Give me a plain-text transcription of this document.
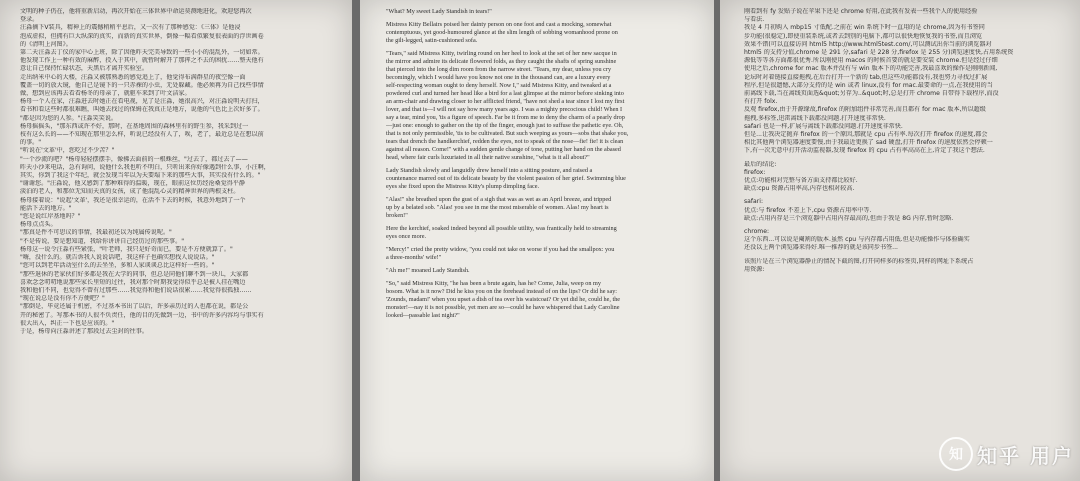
文明的种子仍在，他将重新启动，再次开始在三体世界中命运莫测地进化，欢迎您再次
登录。
汪淼摘下V装具，精神上的震撼稍稍平息后，又一次有了那种感觉：《三体》是他浸
泡成虚拟，但拥有巨大纵深的真实，而新的真实世界，倒像一幅看似繁复很表面的浮世画卷
的《清明上河图》。
第二天汪淼去丁仪的家中心上班，除了因他昨天完美导致的一些小小的混乱外，一切如常。
他发现工作上一种有效的麻醉，投入于其中，就暂时解开了那挥之不去的困扰……整天他有
意让自己保持忙碌状态，天黑后才离开实验室。
走出纳米中心的大楼，汪淼又被那熟悉的感觉追上了，他觉得布满群星的夜空像一面
覆盖一切的放大镜，他自己是镜下的一只赤裸的小虫，无处躲藏。他必须再为自己找些事情
做，想到应该再去看看杨冬的母亲了，就驱车来到了叶文洁家。
杨母一个人在家，汪淼进去时她正在看电视，见了是汪淼，她很高兴，对汪淼说明天打扫，
看书和看这些时都很难瞧，叫她去找过的保姆在我真正是地方，说他的气色比上次好多了。
"都是因为您的人参。"汪淼笑笑说。
杨母摇摇头，"那东西或许不好，那时，在基地周围的森林里有的野生参，我采到过一
枝有这么长的——不知现在那里怎么样，听说已经没有人了，唉，老了，最近总是在想以前
的事。"
"听说在'文革'中，您吃过不少苦？"
"一个沙流的吧？"杨母轻轻摆摆手，像拂去面前的一根蛛丝，"过去了，都过去了——
昨天小沙来电话，急有询问，说他什么我也听不明白，只听出来你好像遇到什么事，小汪啊，
其实，你到了我这个年纪，就会发现当年以为天要塌下来的那些大事，其实没有什么的。"
"谢谢您。"汪淼说，他又感到了那种难得的温暖，现在，眼前这位历经沧桑觉得平静
淡泊的老人，和那位无知而天真的女孩，成了他混乱心灵的精神世界的两根支柱。
杨母接着说："说起'文革'，我还是很幸运的，在活不下去的时候，我意外地到了一个
能活下去的地方。"
"您是说红岸基地吗？"
杨母点点头。
"那真是件不可思议的事情，我最初还以为纯属传说呢。"
"不是传说，要是想知道，我给你讲讲自己经历过的那些事。"
杨母这一说令汪淼有些紧张，"叶老师，我只是好奇而已，要是不方便就算了。"
"嗨，没什么的。就告诉我人说说话吧，我这样子也确实想找人说说话。"
"您可以到老年活动室什么的去坐坐，多和人家谈谈总比这样好一些的。"
"那些退休的老家伙们好多都是我在大学的同事，但总是同他们聊不到一块儿，大家都
喜欢念念叨叨地说那些家长里短的过往，我对那个时期我觉得似乎总是被人挂在嘴边
我和他们不同，也觉得不曾有过那些……我觉得和他们说话很累……我觉得很孤独……
"现在说总是没有你不方便吧？"
"那倒是，毕竟还属于机密，不过基本书出了以后，许多亲历过的人也都在说，都是公
开的秘密了。写那本书的人很不负责任，他的目的先做到一边，书中的许多内容均与事实有
很大出入，纠正一下也是应该的。"
于是，杨母向汪淼讲述了那段过去尘封的往事。
"What? My sweet Lady Standish in tears!"
Mistress Kitty Bellairs poised her dainty person on one foot and cast a mocking, somewhat
contemptuous, yet good-humoured glance at the slim length of sobbing womanhood prone on
the gilt-legged, satin-cushioned sofa.
"Tears," said Mistress Kitty, twirling round on her heel to look at the set of her new sacque in
the mirror and admire its delicate flowered folds, as they caught the shafts of spring sunshine
that pierced into the long dim room from the narrow street. "Tears, my dear, unless you cry
becomingly, which I would have you know not one in the thousand can, are a luxury every
self-respecting woman ought to deny herself. Now I," said Mistress Kitty, and tweaked at a
powdered curl and turned her head like a bird for a last glimpse at the mirror before sinking into
an arm-chair and drawing closer to her afflicted friend, "have not shed a tear since I lost my first
lover, and that is—I will not say how many years ago. I was a mighty precocious child! When I
say a tear, mind you, 'tis a figure of speech. Far be it from me to deny the charm of a pearly drop
—just one: enough to gather on the tip of the finger, enough just to suffuse the pathetic eye. Oh,
that is not only permissible, 'tis to be cultivated. But such weeping as yours—sobs that shake you,
tears that drench the handkerchief, redden the eyes, not to speak of the nose—fie! fie! it is clean
against all reason. Come!" with a sudden gentle change of tone, putting her hand on the abased
head, where fair curls luxuriated in all their native sunshine, "what is it all about?"
Lady Standish slowly and languidly drew herself into a sitting posture, and raised a
countenance marred out of its delicate beauty by the violent passion of her grief. Swimming blue
eyes she fixed upon the Mistress Kitty's plump dimpling face.
"Alas!" she breathed upon the gust of a sigh that was as wet as an April breeze, and tripped
up by a belated sob. "Alas! you see in me the most miserable of women. Alas! my heart is
broken!"
Here the kerchief, soaked indeed beyond all possible utility, was frantically held to streaming
eyes once more.
"Mercy!" cried the pretty widow, "you could not take on worse if you had the smallpox: you
a three-months' wife!"
"Ah me!" moaned Lady Standish.
"So," said Mistress Kitty, "he has been a brute again, has he? Come, Julia, weep on my
bosom. What is it now? Did he kiss you on the forehead instead of on the lips? Or did he say:
'Zounds, madam!' when you upset a dish of tea over his waistcoat? Or yet did he, could he, the
monster!—nay it is not possible, yet men are so—could he have whispered that Lady Caroline
looked—passable last night?"
刚看到有 fy 发贴子说在苹果下还是 chrome 好用,在此我有发表一些我个人的使用经验
与看法.
我是 4 月初购入 mbp15 寸低配.之前在 win 系统下时一直用的是 chrome,因为有书签同
步功能(很稳定),即使重装系统,或者去到别的电脑下,都可以很快地恢复我的书签,而且浏览
效果不错(可以直接访问 html5 http://www.html5test.com/,可以测试出你当前的浏览器对
html5 的支持分值,chrome 是 291 分,safari 是 228 分,firefox 是 255 分)浏览速度快,占用系统资
源低等等各方面都很优秀.所以刚使用 macos 的时候首要的就是要安装 chrome.但是经过仔细
使用之后,chrome for mac 版本并没有与 win 版本下的功能完善,我最喜欢的操作是刚刚新闻,
论坛时对着链接直接拖拽,在后台打开一个新的 tab,但这些功能都没有,我也努力寻找过扩展
程序,但是很遗憾,大部分支持的是 win 或者 linux,没有 for mac.最要命的一点,在我使用的当
前离线下载,当在离线页面选&quot;另存为..&quot;时,总是打开 chrome 自带得下载程序,而没
有打开 folx.
反观 firefox,由于开源缘故,firefox 的附加组件非常完善,而且都有 for mac 版本,所以超级
拖拽,多标签,迅雷离线下载都没问题.打开速度非常快.
safari 也是一样,扩展与离线下载都没问题.打开速度非常快.
但是...让我决定抛弃 firefox 的一个原因,那就是 cpu 占有率.每次打开 firefox 的速度,都会
相比其他两个浏览器速度要慢,由于我最近更换了 sad 硬盘,打开 firefox 的速度依然会停顿一
下,有一次无意中打开活动监视器,发现 firefox 的 cpu 占有率高高在上,肯定了我这个想法.
最后的结论:
firefox:
优点:功能相对完整与备方面支持都比较好.
缺点:cpu 资源占用率高,内存也相对较高.
safari:
优点:与 firefox 不差上下,cpu 资源占用率中等.
缺点:占用内存是三个浏览器中占用内存最高的,但由于我是 8G 内存,暂时忽略.
chrome:
这个东西...可以说是阉割的版本.虽然 cpu 与内存都占用低.但是功能操作与体验确实
还没以上两个浏览器来得好.唯一推荐的就是该同步书签...
该照片是在三个浏览器静止的情况下截的图,打开同样多的标签页,同样的网址下系统占
用资源:
知 知乎 用户
